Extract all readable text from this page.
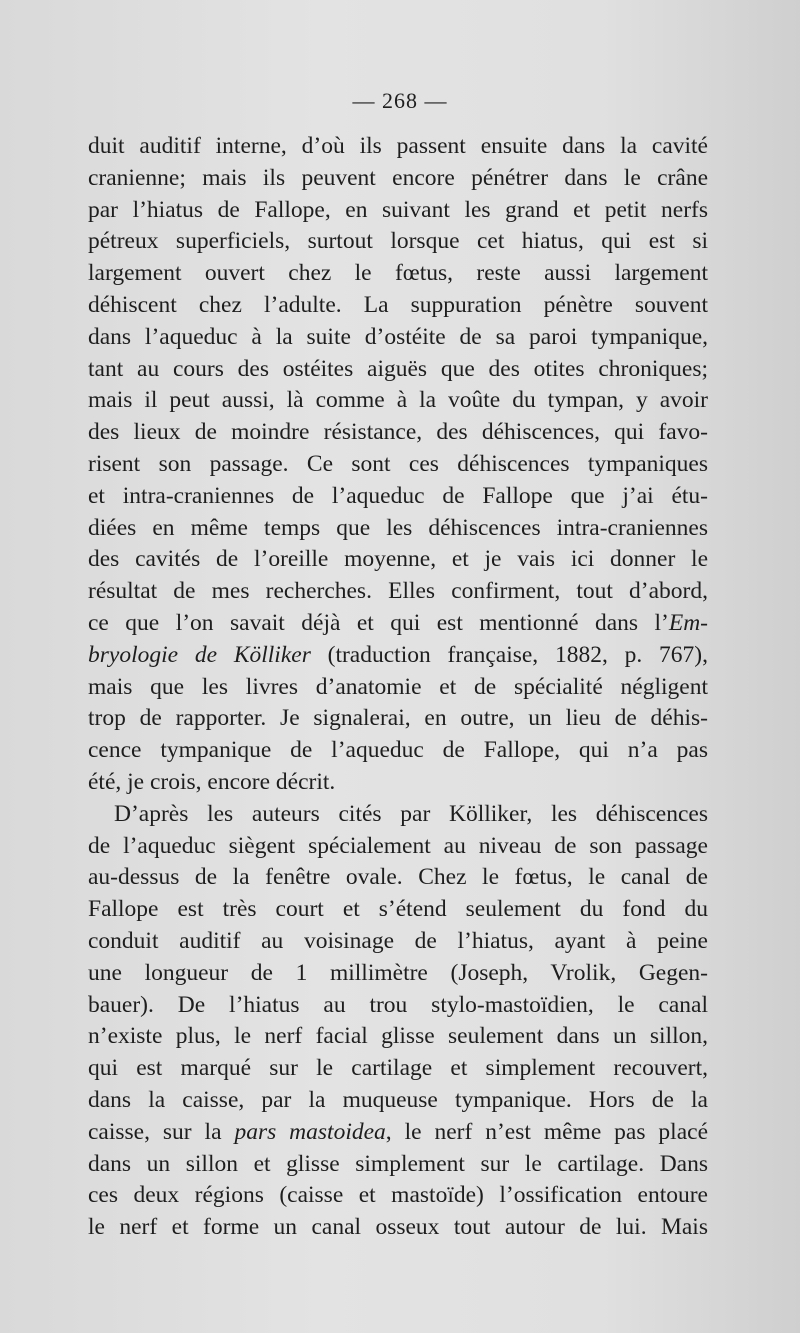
— 268 —
duit auditif interne, d’où ils passent ensuite dans la cavité
cranienne; mais ils peuvent encore pénétrer dans le crâne
par l’hiatus de Fallope, en suivant les grand et petit nerfs
pétreux superficiels, surtout lorsque cet hiatus, qui est si
largement ouvert chez le fœtus, reste aussi largement
déhiscent chez l’adulte. La suppuration pénètre souvent
dans l’aqueduc à la suite d’ostéite de sa paroi tympanique,
tant au cours des ostéites aiguës que des otites chroniques;
mais il peut aussi, là comme à la voûte du tympan, y avoir
des lieux de moindre résistance, des déhiscences, qui favo-
risent son passage. Ce sont ces déhiscences tympaniques
et intra-craniennes de l’aqueduc de Fallope que j’ai étu-
diées en même temps que les déhiscences intra-craniennes
des cavités de l’oreille moyenne, et je vais ici donner le
résultat de mes recherches. Elles confirment, tout d’abord,
ce que l’on savait déjà et qui est mentionné dans l’Em-
bryologie de Kölliker (traduction française, 1882, p. 767),
mais que les livres d’anatomie et de spécialité négligent
trop de rapporter. Je signalerai, en outre, un lieu de déhis-
cence tympanique de l’aqueduc de Fallope, qui n’a pas
été, je crois, encore décrit.
D’après les auteurs cités par Kölliker, les déhiscences
de l’aqueduc siègent spécialement au niveau de son passage
au-dessus de la fenêtre ovale. Chez le fœtus, le canal de
Fallope est très court et s’étend seulement du fond du
conduit auditif au voisinage de l’hiatus, ayant à peine
une longueur de 1 millimètre (Joseph, Vrolik, Gegen-
bauer). De l’hiatus au trou stylo-mastoïdien, le canal
n’existe plus, le nerf facial glisse seulement dans un sillon,
qui est marqué sur le cartilage et simplement recouvert,
dans la caisse, par la muqueuse tympanique. Hors de la
caisse, sur la pars mastoidea, le nerf n’est même pas placé
dans un sillon et glisse simplement sur le cartilage. Dans
ces deux régions (caisse et mastoïde) l’ossification entoure
le nerf et forme un canal osseux tout autour de lui. Mais
